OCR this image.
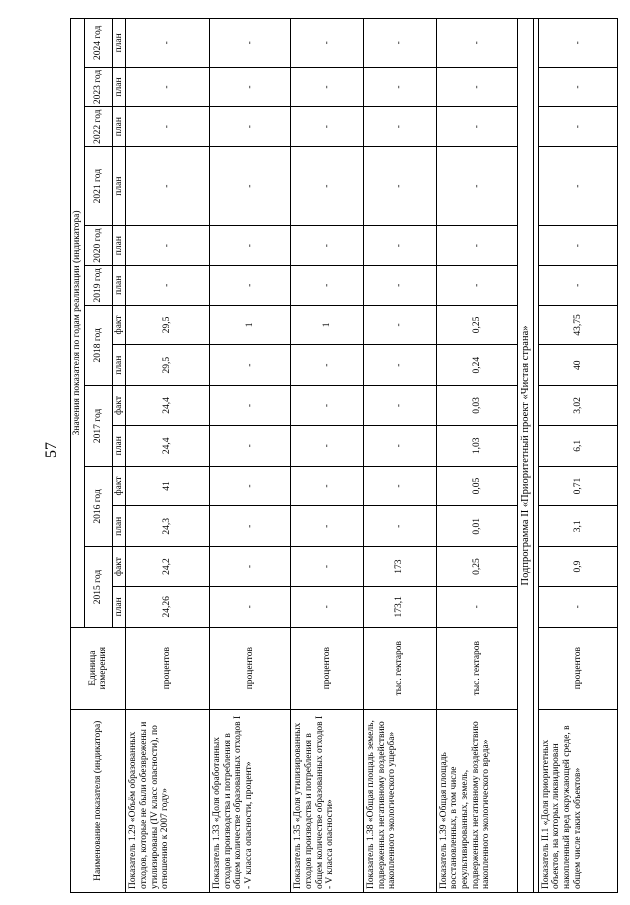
57
Наименование показателя (индикатора)	Единица измерения	Значения показателя по годам реализации (индикатора)													
		2015 год		2016 год		2017 год		2018 год		2019 год	2020 год	2021 год	2022 год	2023 год	2024 год
		план	факт	план	факт	план	факт	план	факт	план	план	план	план	план	план
Показатель 1.29 «Объём образованных отходов, которые не были обезврежены и утилизированы (IV класс опасности), по отношению к 2007 году»	процентов	24,26	24,2	24,3	41	24,4	24,4	29,5	29,5	-	-	-	-	-	-
Показатель 1.33 «Доля обработанных отходов производства и потребления в общем количестве образованных отходов I - V класса опасности, процент»	процентов	-	-	-	-	-	-	-	1	-	-	-	-	-	-
Показатель 1.35 «Доля утилизированных отходов производства и потребления в общем количестве образованных отходов I - V класса опасности»	процентов	-	-	-	-	-	-	-	1	-	-	-	-	-	-
Показатель 1.38 «Общая площадь земель, подверженных негативному воздействию накопленного экологического ущерба»	тыс. гектаров	173,1	173	-	-	-	-	-	-	-	-	-	-	-	-
Показатель 1.39 «Общая площадь восстановленных, в том числе рекультивированных, земель, подверженных негативному воздействию накопленного экологического вреда»	тыс. гектаров	-	0,25	0,01	0,05	1,03	0,03	0,24	0,25	-	-	-	-	-	-
Подпрограмма II «Приоритетный проект «Чистая страна»															

Показатель II.1 «Доля приоритетных объектов, на которых ликвидирован накопленный вред окружающей среде, в общем числе таких объектов»	процентов	-	0,9	3,1	0,71	6,1	3,02	40	43,75	-	-	-	-	-	-
